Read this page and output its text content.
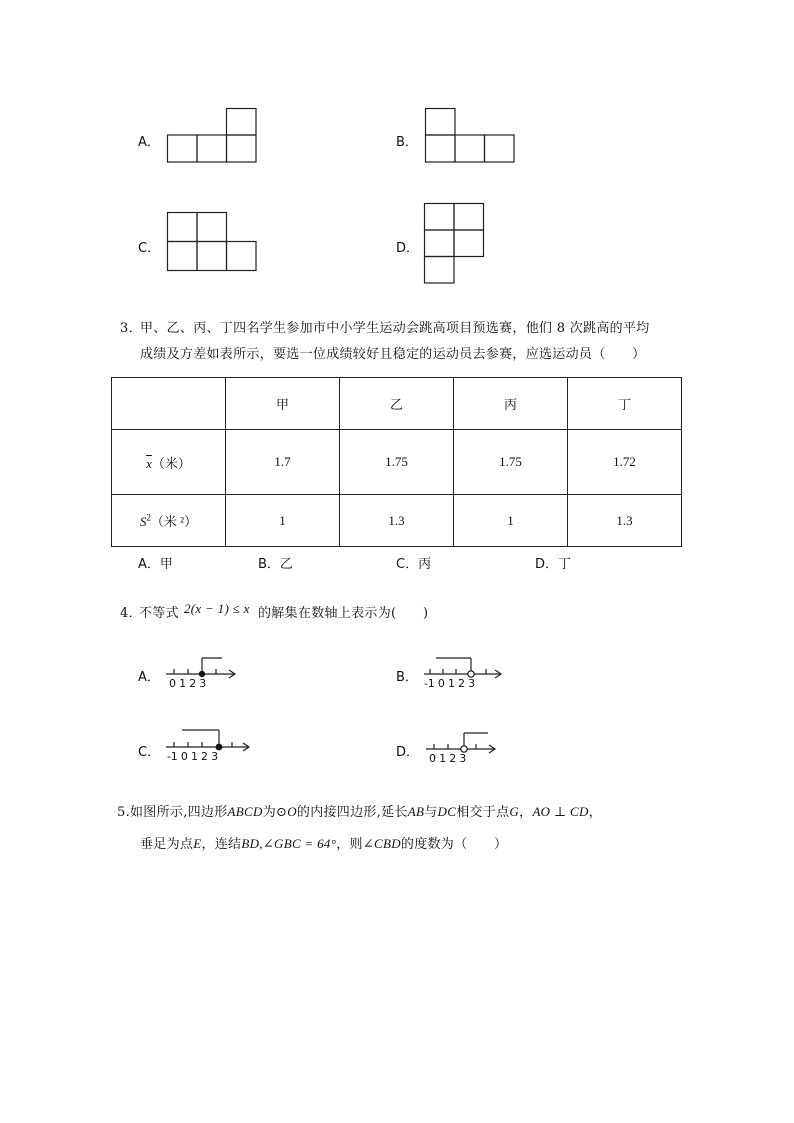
A．	B．
C．	D．
3．
甲、乙、丙、丁四名学生参加市中小学生运动会跳高项目预选赛，他们 8 次跳高的平均
成绩及方差如表所示，要选一位成绩较好且稳定的运动员去参赛，应选运动员（　　）
	甲	乙	丙	丁
$\overline{x}$（米）	1.7	1.75	1.75	1.72
$S^2$（米 ²）	1	1.3	1	1.3
A．甲	B．乙	C．丙	D．丁
4．
不等式 2(x − 1) ≤ x 的解集在数轴上表示为(　　)
A． 0 1 2 3	B． -1 0 1 2 3
C． -1 0 1 2 3	D． 0 1 2 3
5.如图所示,四边形ABCD为⊙O的内接四边形,延长AB与DC相交于点G，AO ⊥ CD，
垂足为点E，连结BD,∠GBC = 64°，则∠CBD的度数为（　　）
